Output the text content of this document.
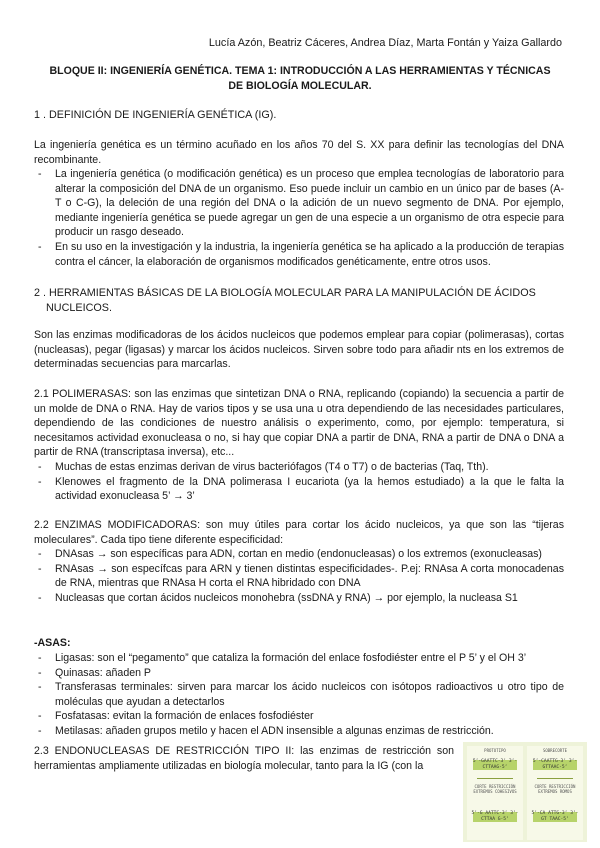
Lucía Azón, Beatriz Cáceres, Andrea Díaz, Marta Fontán y Yaiza Gallardo
BLOQUE II: INGENIERÍA GENÉTICA. TEMA 1: INTRODUCCIÓN A LAS HERRAMIENTAS Y TÉCNICAS
DE BIOLOGÍA MOLECULAR.
1 . DEFINICIÓN DE INGENIERÍA GENÉTICA (IG).
La ingeniería genética es un término acuñado en los años 70 del S. XX para definir las tecnologías del DNA recombinante.
- La ingeniería genética (o modificación genética) es un proceso que emplea tecnologías de laboratorio para alterar la composición del DNA de un organismo. Eso puede incluir un cambio en un único par de bases (A-T o C-G), la deleción de una región del DNA o la adición de un nuevo segmento de DNA. Por ejemplo, mediante ingeniería genética se puede agregar un gen de una especie a un organismo de otra especie para producir un rasgo deseado.
- En su uso en la investigación y la industria, la ingeniería genética se ha aplicado a la producción de terapias contra el cáncer, la elaboración de organismos modificados genéticamente, entre otros usos.
2 . HERRAMIENTAS BÁSICAS DE LA BIOLOGÍA MOLECULAR PARA LA MANIPULACIÓN DE ÁCIDOS NUCLEICOS.
Son las enzimas modificadoras de los ácidos nucleicos que podemos emplear para copiar (polimerasas), cortas (nucleasas), pegar (ligasas) y marcar los ácidos nucleicos. Sirven sobre todo para añadir nts en los extremos de determinadas secuencias para marcarlas.
2.1 POLIMERASAS: son las enzimas que sintetizan DNA o RNA, replicando (copiando) la secuencia a partir de un molde de DNA o RNA. Hay de varios tipos y se usa una u otra dependiendo de las necesidades particulares, dependiendo de las condiciones de nuestro análisis o experimento, como, por ejemplo: temperatura, si necesitamos actividad exonucleasa o no, si hay que copiar DNA a partir de DNA, RNA a partir de DNA o DNA a partir de RNA (transcriptasa inversa), etc...
- Muchas de estas enzimas derivan de virus bacteriófagos (T4 o T7) o de bacterias (Taq, Tth).
- Klenowes el fragmento de la DNA polimerasa I eucariota (ya la hemos estudiado) a la que le falta la actividad exonucleasa 5’ → 3’
2.2 ENZIMAS MODIFICADORAS: son muy útiles para cortar los ácido nucleicos, ya que son las “tijeras moleculares”. Cada tipo tiene diferente especificidad:
- DNAsas → son específicas para ADN, cortan en medio (endonucleasas) o los extremos (exonucleasas)
- RNAsas → son específcas para ARN y tienen distintas especificidades-. P.ej: RNAsa A corta monocadenas de RNA, mientras que RNAsa H corta el RNA hibridado con DNA
- Nucleasas que cortan ácidos nucleicos monohebra (ssDNA y RNA) → por ejemplo, la nucleasa S1
-ASAS:
- Ligasas: son el “pegamento” que cataliza la formación del enlace fosfodiéster entre el P 5’ y el OH 3’
- Quinasas: añaden P
- Transferasas terminales: sirven para marcar los ácido nucleicos con isótopos radioactivos u otro tipo de moléculas que ayudan a detectarlos
- Fosfatasas: evitan la formación de enlaces fosfodiéster
- Metilasas: añaden grupos metilo y hacen el ADN insensible a algunas enzimas de restricción.
2.3 ENDONUCLEASAS DE RESTRICCIÓN TIPO II: las enzimas de restricción son herramientas ampliamente utilizadas en biología molecular, tanto para la IG (con la
PROTOTIPO
5’-GAATTC-3’ 3’-CTTAAG-5’
CORTE RESTRICCIÓN EXTREMOS COHESIVOS
5’-G AATTC-3’ 3’-CTTAA G-5’
SOBRECORTE
5’-CAATTG-3’ 3’-GTTAAC-5’
CORTE RESTRICCIÓN EXTREMOS ROMOS
5’-CA ATTG-3’ 3’-GT TAAC-5’
